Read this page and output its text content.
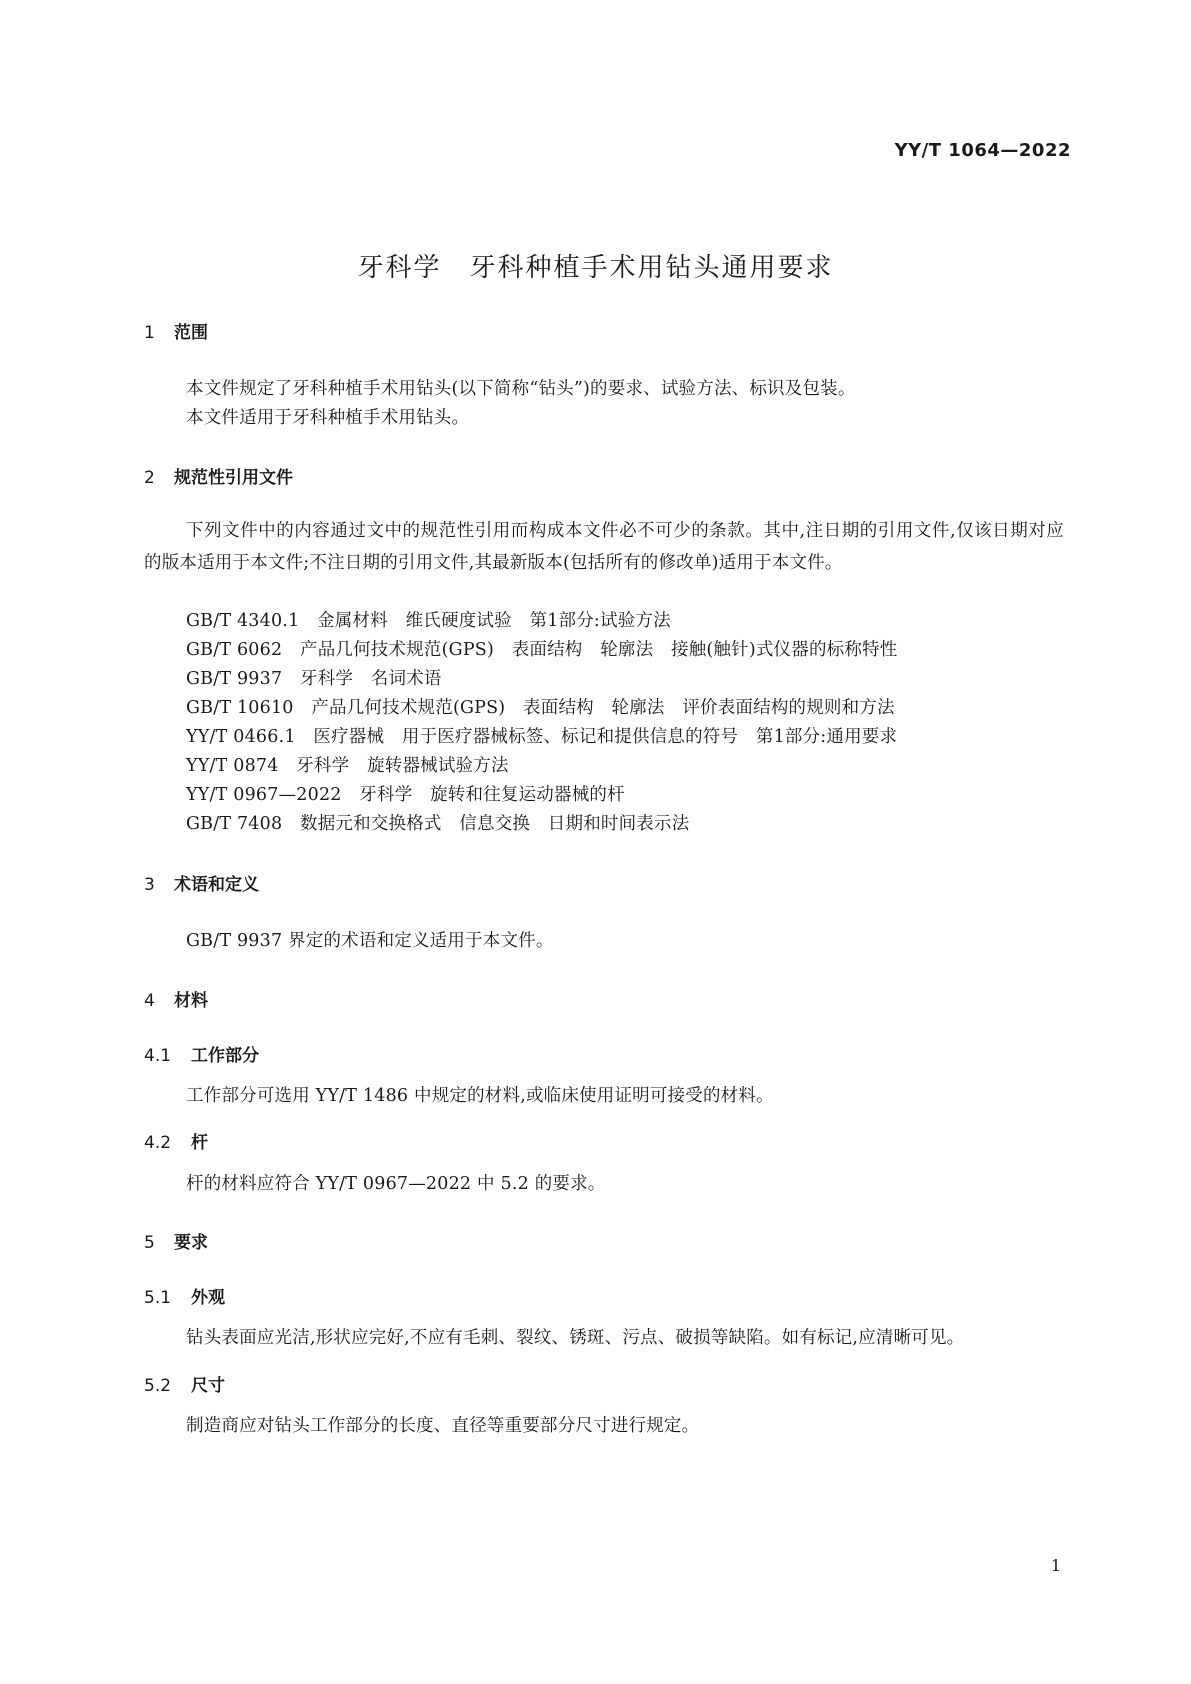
YY/T 1064—2022
牙科学　牙科种植手术用钻头通用要求
1 范围
本文件规定了牙科种植手术用钻头(以下简称“钻头”)的要求、试验方法、标识及包装。
本文件适用于牙科种植手术用钻头。
2 规范性引用文件
下列文件中的内容通过文中的规范性引用而构成本文件必不可少的条款。其中,注日期的引用文件,仅该日期对应的版本适用于本文件;不注日期的引用文件,其最新版本(包括所有的修改单)适用于本文件。
GB/T 4340.1　金属材料　维氏硬度试验　第1部分:试验方法
GB/T 6062　产品几何技术规范(GPS)　表面结构　轮廓法　接触(触针)式仪器的标称特性
GB/T 9937　牙科学　名词术语
GB/T 10610　产品几何技术规范(GPS)　表面结构　轮廓法　评价表面结构的规则和方法
YY/T 0466.1　医疗器械　用于医疗器械标签、标记和提供信息的符号　第1部分:通用要求
YY/T 0874　牙科学　旋转器械试验方法
YY/T 0967—2022　牙科学　旋转和往复运动器械的杆
GB/T 7408　数据元和交换格式　信息交换　日期和时间表示法
3 术语和定义
GB/T 9937 界定的术语和定义适用于本文件。
4 材料
4.1 工作部分
工作部分可选用 YY/T 1486 中规定的材料,或临床使用证明可接受的材料。
4.2 杆
杆的材料应符合 YY/T 0967—2022 中 5.2 的要求。
5 要求
5.1 外观
钻头表面应光洁,形状应完好,不应有毛刺、裂纹、锈斑、污点、破损等缺陷。如有标记,应清晰可见。
5.2 尺寸
制造商应对钻头工作部分的长度、直径等重要部分尺寸进行规定。
1
